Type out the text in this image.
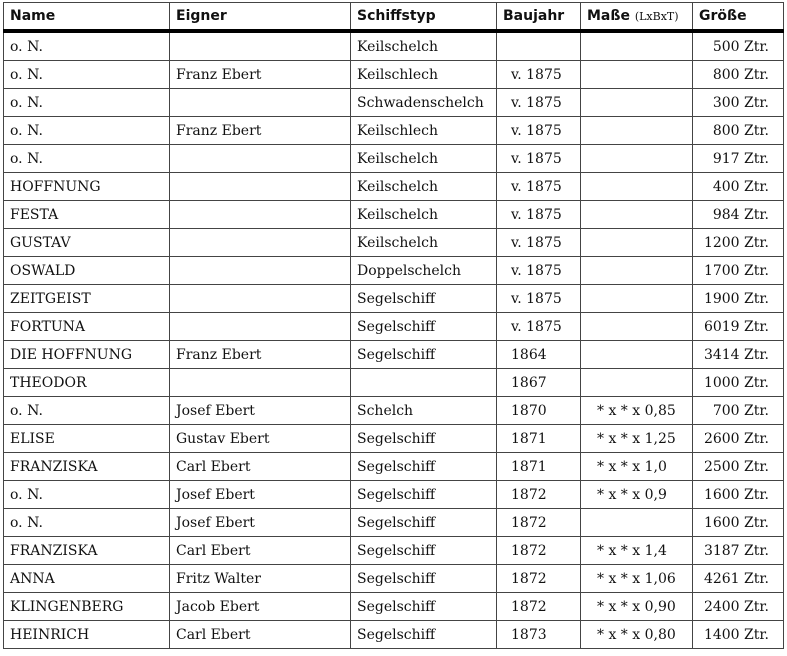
Name	Eigner	Schiffstyp	Baujahr	Maße (LxBxT)	Größe
o. N.		Keilschelch			500 Ztr.
o. N.	Franz Ebert	Keilschlech	v. 1875		800 Ztr.
o. N.		Schwadenschelch	v. 1875		300 Ztr.
o. N.	Franz Ebert	Keilschlech	v. 1875		800 Ztr.
o. N.		Keilschelch	v. 1875		917 Ztr.
HOFFNUNG		Keilschelch	v. 1875		400 Ztr.
FESTA		Keilschelch	v. 1875		984 Ztr.
GUSTAV		Keilschelch	v. 1875		1200 Ztr.
OSWALD		Doppelschelch	v. 1875		1700 Ztr.
ZEITGEIST		Segelschiff	v. 1875		1900 Ztr.
FORTUNA		Segelschiff	v. 1875		6019 Ztr.
DIE HOFFNUNG	Franz Ebert	Segelschiff	1864		3414 Ztr.
THEODOR			1867		1000 Ztr.
o. N.	Josef Ebert	Schelch	1870	* x * x 0,85	700 Ztr.
ELISE	Gustav Ebert	Segelschiff	1871	* x * x 1,25	2600 Ztr.
FRANZISKA	Carl Ebert	Segelschiff	1871	* x * x 1,0	2500 Ztr.
o. N.	Josef Ebert	Segelschiff	1872	* x * x 0,9	1600 Ztr.
o. N.	Josef Ebert	Segelschiff	1872		1600 Ztr.
FRANZISKA	Carl Ebert	Segelschiff	1872	* x * x 1,4	3187 Ztr.
ANNA	Fritz Walter	Segelschiff	1872	* x * x 1,06	4261 Ztr.
KLINGENBERG	Jacob Ebert	Segelschiff	1872	* x * x 0,90	2400 Ztr.
HEINRICH	Carl Ebert	Segelschiff	1873	* x * x 0,80	1400 Ztr.
